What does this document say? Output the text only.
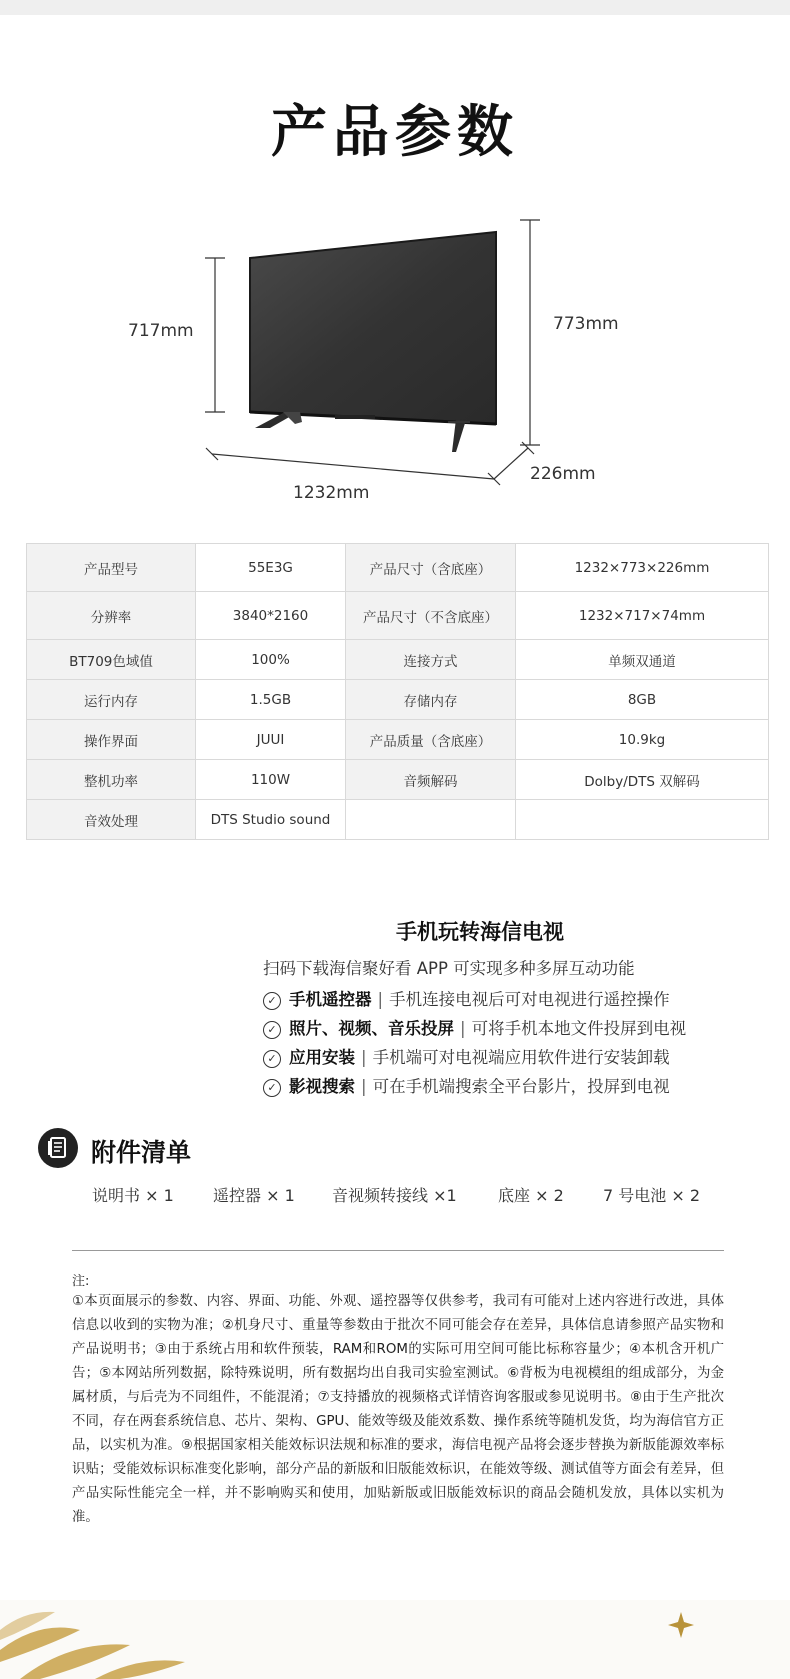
产品参数
717mm	773mm
1232mm
226mm
产品型号	55E3G	产品尺寸（含底座）	1232×773×226mm
分辨率	3840*2160	产品尺寸（不含底座）	1232×717×74mm
BT709色域值	100%	连接方式	单频双通道
运行内存	1.5GB	存储内存	8GB
操作界面	JUUI	产品质量（含底座）	10.9kg
整机功率	110W	音频解码	Dolby/DTS 双解码
音效处理	DTS Studio sound		
手机玩转海信电视
扫码下载海信聚好看 APP 可实现多种多屏互动功能
✓ 手机遥控器 | 手机连接电视后可对电视进行遥控操作
✓ 照片、视频、音乐投屏 | 可将手机本地文件投屏到电视
✓ 应用安装 | 手机端可对电视端应用软件进行安装卸载
✓ 影视搜索 | 可在手机端搜索全平台影片，投屏到电视
附件清单
说明书 × 1 遥控器 × 1 音视频转接线 ×1	底座 × 2 7 号电池 × 2
注:
①本页面展示的参数、内容、界面、功能、外观、遥控器等仅供参考，我司有可能对上述内容进行改进，具体信息以收到的实物为准；②机身尺寸、重量等参数由于批次不同可能会存在差异，具体信息请参照产品实物和产品说明书；③由于系统占用和软件预装，RAM和ROM的实际可用空间可能比标称容量少；④本机含开机广告；⑤本网站所列数据，除特殊说明，所有数据均出自我司实验室测试。⑥背板为电视模组的组成部分，为金属材质，与后壳为不同组件，不能混淆；⑦支持播放的视频格式详情咨询客服或参见说明书。⑧由于生产批次不同，存在两套系统信息、芯片、架构、GPU、能效等级及能效系数、操作系统等随机发货，均为海信官方正品，以实机为准。⑨根据国家相关能效标识法规和标准的要求，海信电视产品将会逐步替换为新版能源效率标识贴；受能效标识标准变化影响，部分产品的新版和旧版能效标识，在能效等级、测试值等方面会有差异，但产品实际性能完全一样，并不影响购买和使用，加贴新版或旧版能效标识的商品会随机发放，具体以实机为准。
